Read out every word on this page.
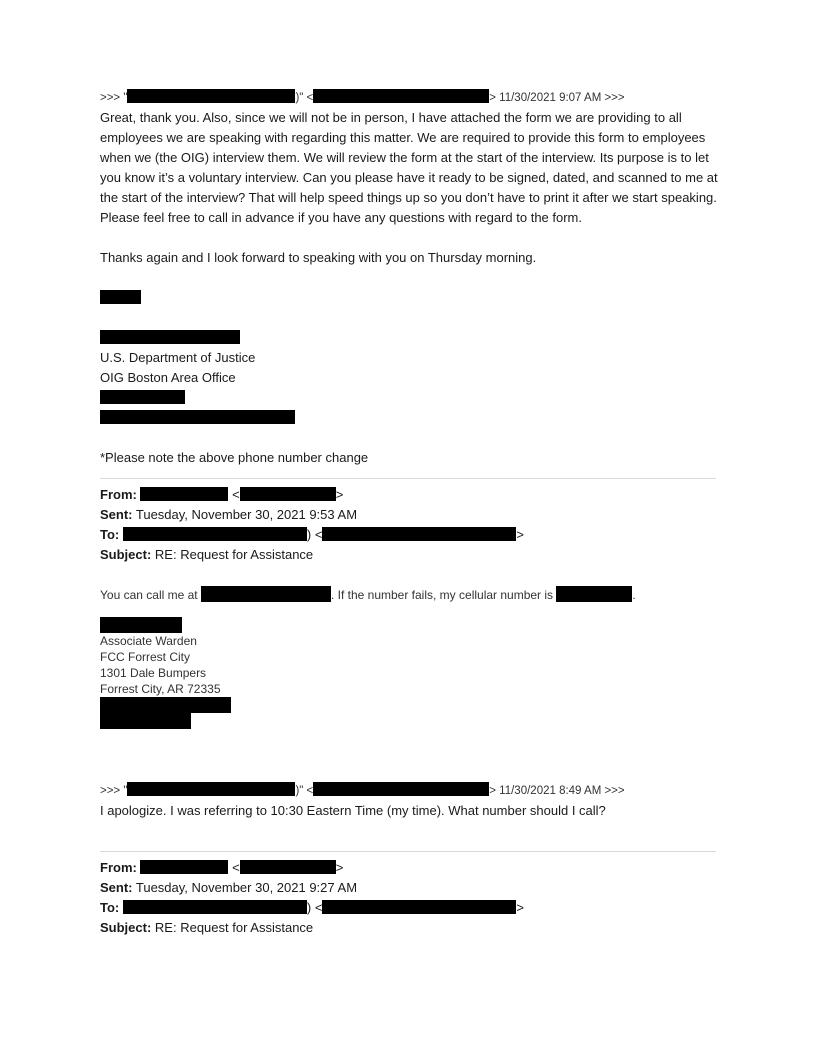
>>> "	)" <	> 11/30/2021 9:07 AM >>>

Great, thank you. Also, since we will not be in person, I have attached the form we are providing to all employees we are speaking with regarding this matter. We are required to provide this form to employees when we (the OIG) interview them. We will review the form at the start of the interview. Its purpose is to let you know it’s a voluntary interview. Can you please have it ready to be signed, dated, and scanned to me at the start of the interview? That will help speed things up so you don’t have to print it after we start speaking. Please feel free to call in advance if you have any questions with regard to the form.

Thanks again and I look forward to speaking with you on Thursday morning.

U.S. Department of Justice
OIG Boston Area Office
*Please note the above phone number change
From:	<	>
Sent: Tuesday, November 30, 2021 9:53 AM
To:	) <	>
Subject: RE: Request for Assistance
You can call me at	. If the number fails, my cellular number is	.
Associate Warden
FCC Forrest City
1301 Dale Bumpers
Forrest City, AR 72335
>>> "	)" <	> 11/30/2021 8:49 AM >>>

I apologize. I was referring to 10:30 Eastern Time (my time). What number should I call?

From:	<	>
Sent: Tuesday, November 30, 2021 9:27 AM
To:	) <	>
Subject: RE: Request for Assistance
